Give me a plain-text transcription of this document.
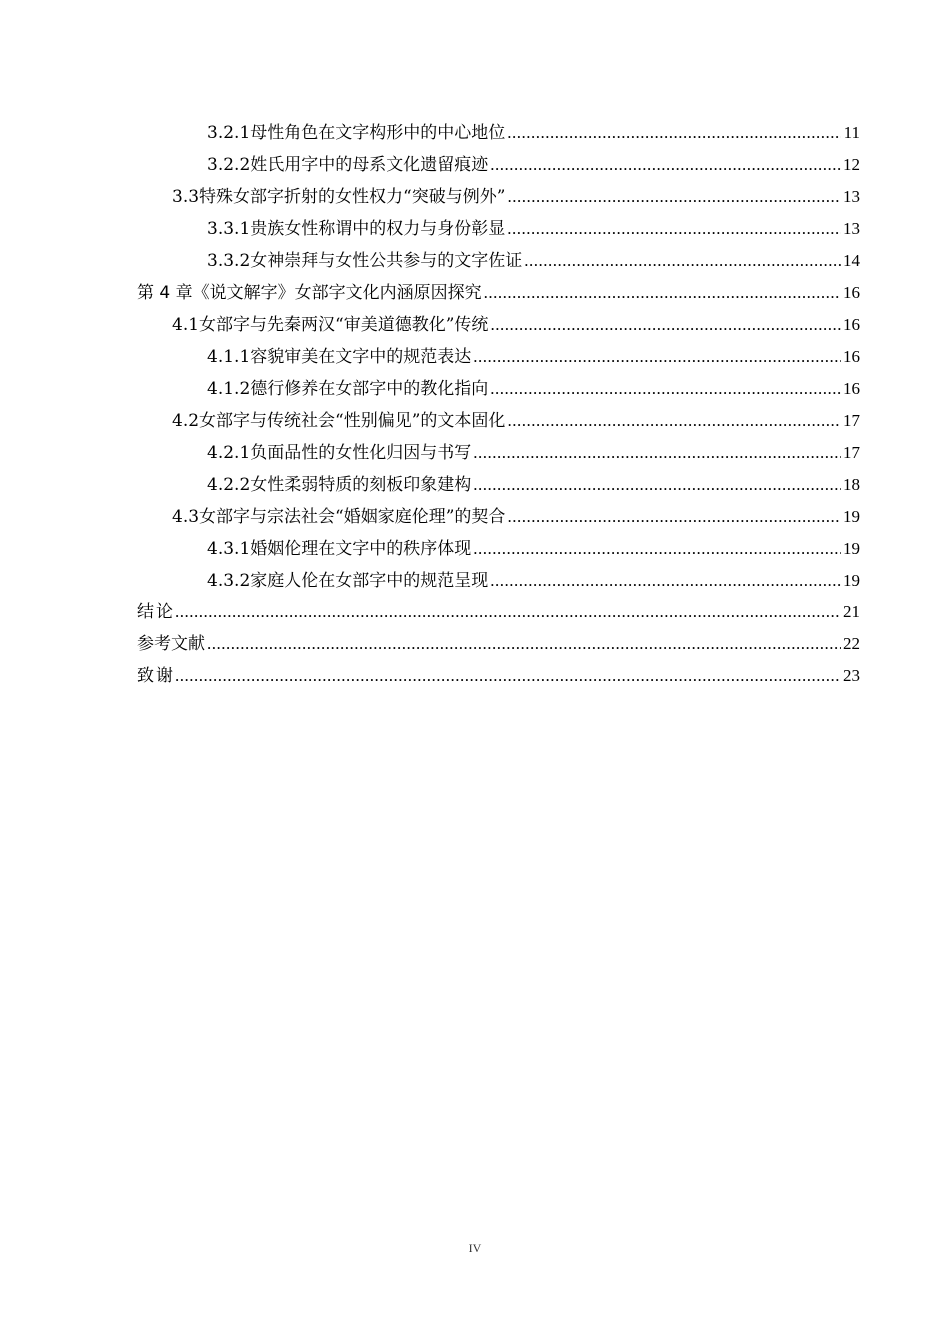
3.2.1 母性角色在文字构形中的中心地位 .....	11
3.2.2 姓氏用字中的母系文化遗留痕迹 .....	12
3.3 特殊女部字折射的女性权力“突破与例外” .....	13
3.3.1 贵族女性称谓中的权力与身份彰显 .....	13
3.3.2 女神崇拜与女性公共参与的文字佐证 .....	14
第 4 章 《说文解字》女部字文化内涵原因探究 .....	16
4.1 女部字与先秦两汉“审美道德教化”传统 .....	16
4.1.1 容貌审美在文字中的规范表达 .....	16
4.1.2 德行修养在女部字中的教化指向 .....	16
4.2 女部字与传统社会“性别偏见”的文本固化 .....	17
4.2.1 负面品性的女性化归因与书写 .....	17
4.2.2 女性柔弱特质的刻板印象建构 .....	18
4.3 女部字与宗法社会“婚姻家庭伦理”的契合 .....	19
4.3.1 婚姻伦理在文字中的秩序体现 .....	19
4.3.2 家庭人伦在女部字中的规范呈现 .....	19
结 论 .....	21
参考文献 .....	22
致 谢 .....	23
IV
